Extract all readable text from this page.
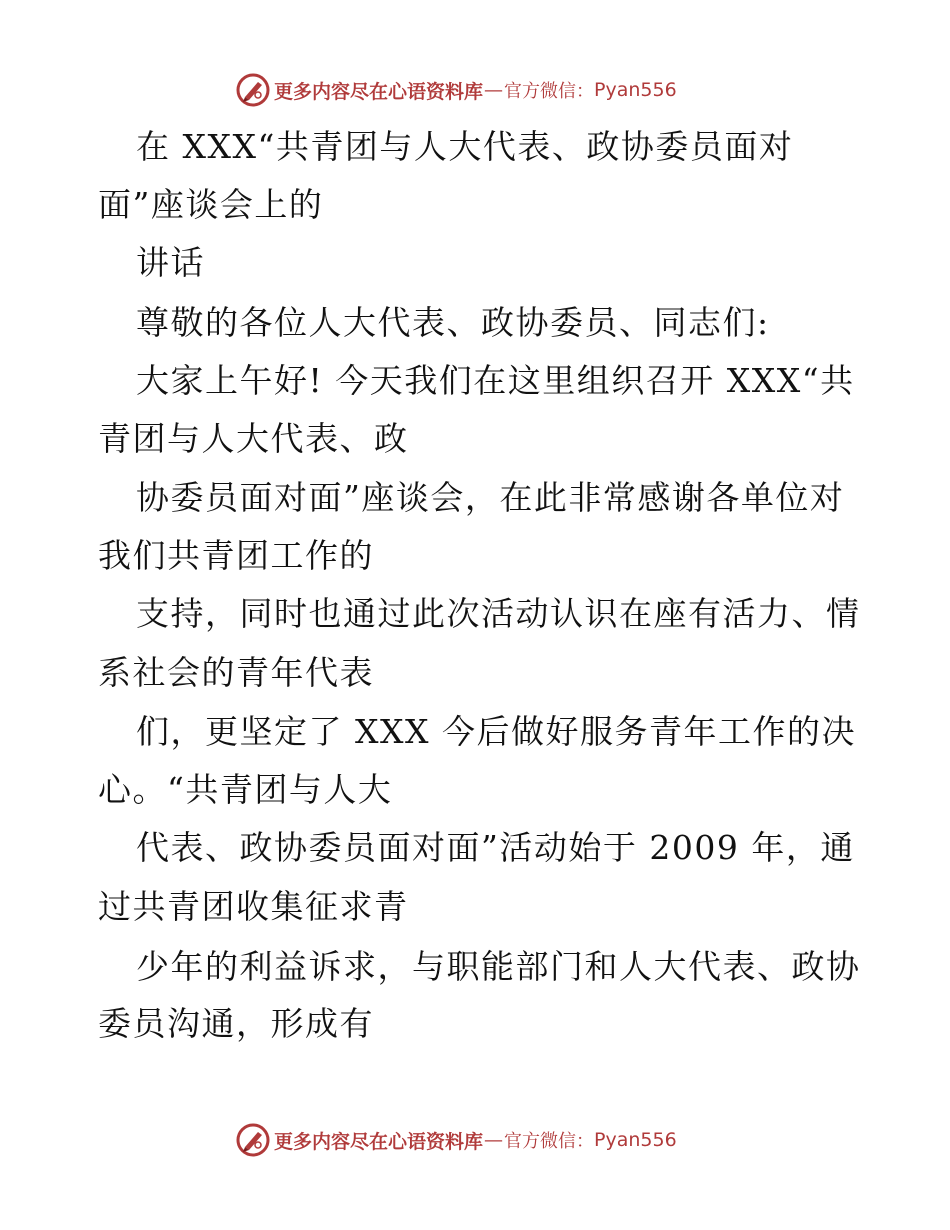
更多内容尽在心语资料库 — 官方微信： Pyan556
在 XXX“共青团与人大代表、政协委员面对
面”座谈会上的
讲话
尊敬的各位人大代表、政协委员、同志们:
大家上午好! 今天我们在这里组织召开 XXX“共
青团与人大代表、政
协委员面对面”座谈会，在此非常感谢各单位对
我们共青团工作的
支持，同时也通过此次活动认识在座有活力、情
系社会的青年代表
们，更坚定了 XXX 今后做好服务青年工作的决
心。“共青团与人大
代表、政协委员面对面”活动始于 2009 年，通
过共青团收集征求青
少年的利益诉求，与职能部门和人大代表、政协
委员沟通，形成有
更多内容尽在心语资料库 — 官方微信： Pyan556
